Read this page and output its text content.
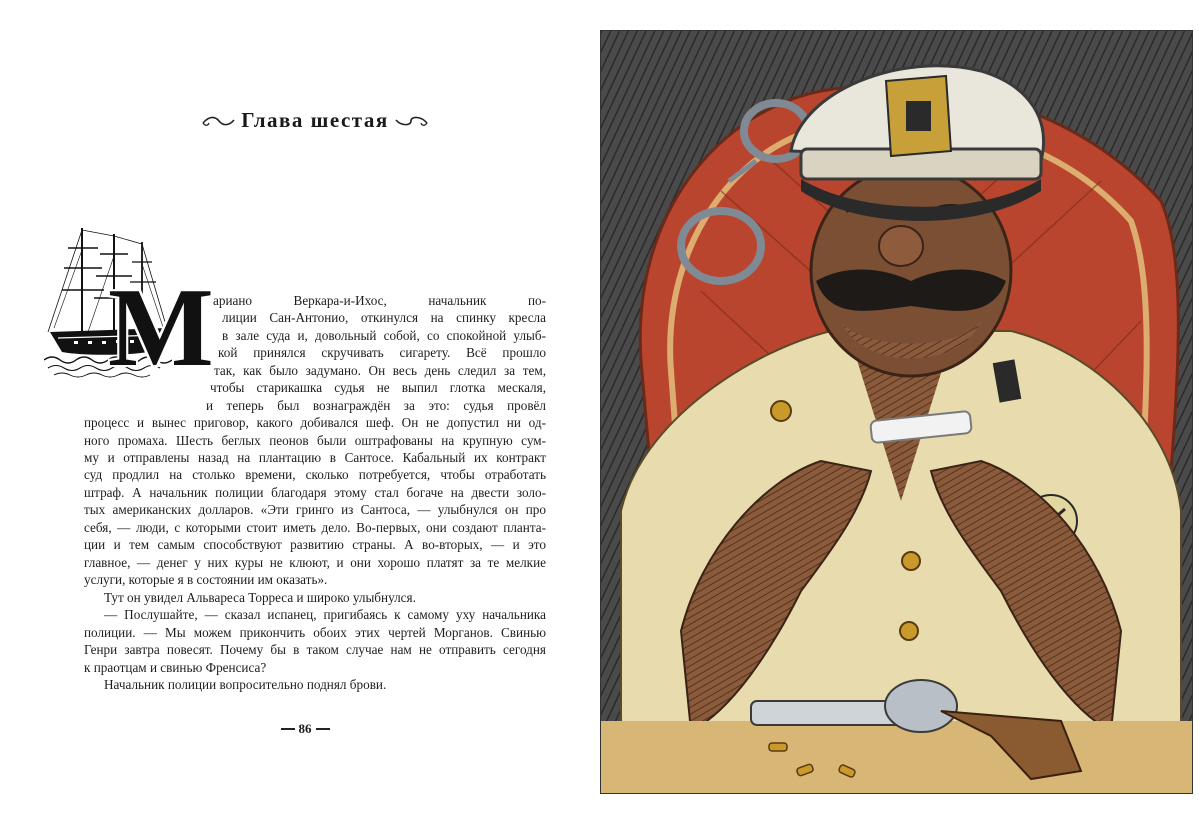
Глава шестая
М ариано Веркара-и-Ихос, начальник по-
лиции Сан-Антонио, откинулся на спинку кресла
в зале суда и, довольный собой, со спокойной улыб-
кой принялся скручивать сигарету. Всё прошло
так, как было задумано. Он весь день следил за тем,
чтобы старикашка судья не выпил глотка мескаля,
и теперь был вознаграждён за это: судья провёл
процесс и вынес приговор, какого добивался шеф. Он не допустил ни од-
ного промаха. Шесть беглых пеонов были оштрафованы на крупную сум-
му и отправлены назад на плантацию в Сантосе. Кабальный их контракт
суд продлил на столько времени, сколько потребуется, чтобы отработать
штраф. А начальник полиции благодаря этому стал богаче на двести золо-
тых американских долларов. «Эти гринго из Сантоса, — улыбнулся он про
себя, — люди, с которыми стоит иметь дело. Во-первых, они создают планта-
ции и тем самым способствуют развитию страны. А во-вторых, — и это
главное, — денег у них куры не клюют, и они хорошо платят за те мелкие
услуги, которые я в состоянии им оказать».
Тут он увидел Альвареса Торреса и широко улыбнулся.
— Послушайте, — сказал испанец, пригибаясь к самому уху начальника
полиции. — Мы можем прикончить обоих этих чертей Морганов. Свинью
Генри завтра повесят. Почему бы в таком случае нам не отправить сегодня
к праотцам и свинью Френсиса?
Начальник полиции вопросительно поднял брови.
86
